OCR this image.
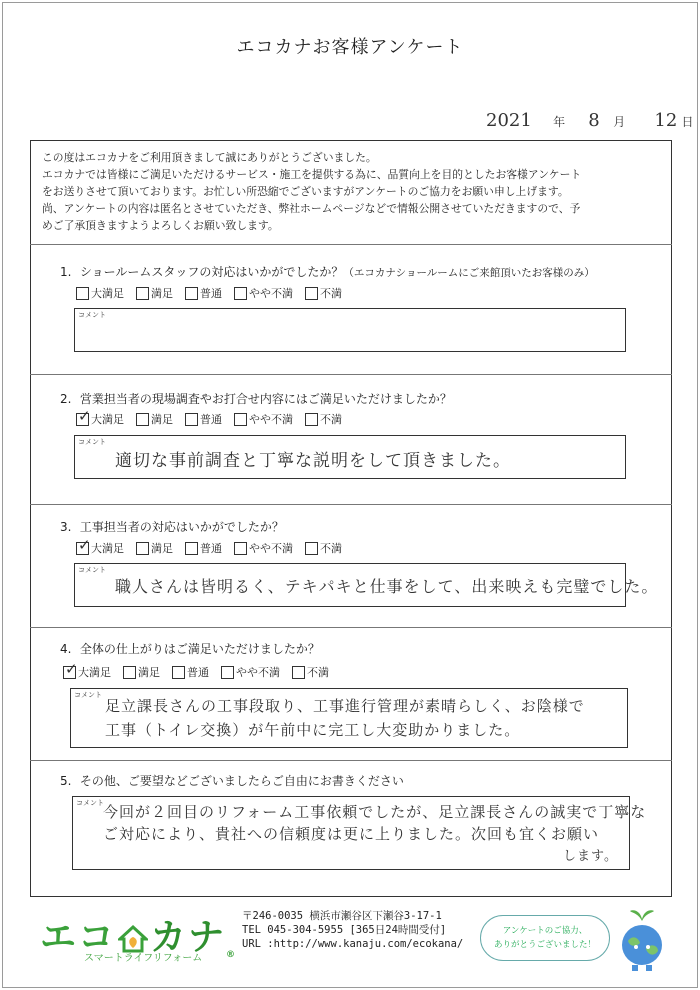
エコカナお客様アンケート
2021 年 8 月 12 日
この度はエコカナをご利用頂きまして誠にありがとうございました。
エコカナでは皆様にご満足いただけるサービス・施工を提供する為に、品質向上を目的としたお客様アンケート
をお送りさせて頂いております。お忙しい所恐縮でございますがアンケートのご協力をお願い申し上げます。
尚、アンケートの内容は匿名とさせていただき、弊社ホームページなどで情報公開させていただきますので、予
めご了承頂きますようよろしくお願い致します。
1. ショールームスタッフの対応はいかがでしたか？（エコカナショールームにご来館頂いたお客様のみ）
大満足 満足 普通 やや不満 不満
コメント
2. 営業担当者の現場調査やお打合せ内容にはご満足いただけましたか？
✓
大満足 満足 普通 やや不満 不満
コメント
適切な事前調査と丁寧な説明をして頂きました。
3. 工事担当者の対応はいかがでしたか？
✓
大満足 満足 普通 やや不満 不満
コメント
職人さんは皆明るく、テキパキと仕事をして、出来映えも完璧でした。
4. 全体の仕上がりはご満足いただけましたか？
✓
大満足 満足 普通 やや不満 不満
コメント
足立課長さんの工事段取り、工事進行管理が素晴らしく、お陰様で
工事（トイレ交換）が午前中に完工し大変助かりました。
5. その他、ご要望などございましたらご自由にお書きください
コメント 今回が２回目のリフォーム工事依頼でしたが、足立課長さんの誠実で丁寧な
ご対応により、貴社への信頼度は更に上りました。次回も宜くお願い
します。
エコ カナ®
スマートライフリフォーム
〒246-0035 横浜市瀬谷区下瀬谷3-17-1
TEL 045-304-5955 [365日24時間受付]
URL :http://www.kanaju.com/ecokana/
アンケートのご協力、
ありがとうございました！
